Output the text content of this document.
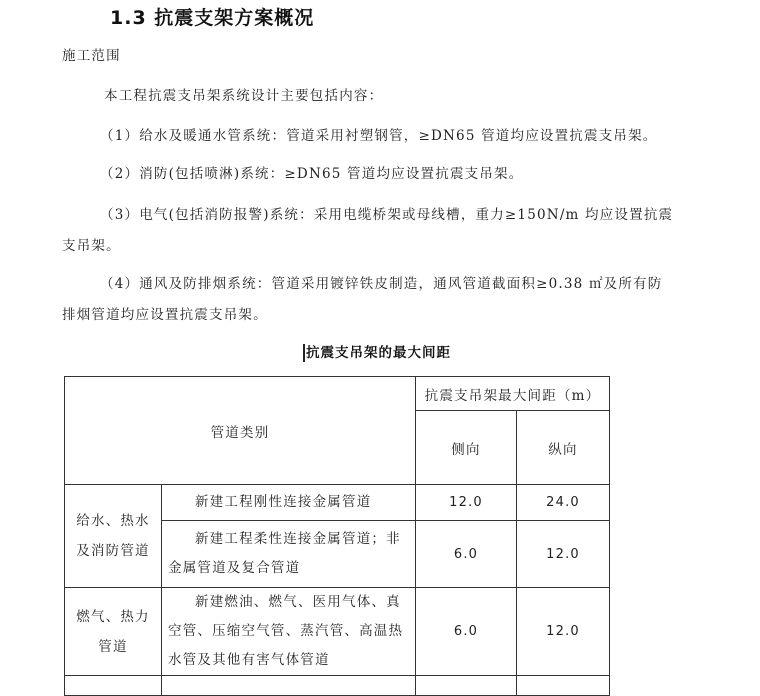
1.3 抗震支架方案概况
施工范围
本工程抗震支吊架系统设计主要包括内容：
（1）给水及暖通水管系统：管道采用衬塑钢管，≥DN65 管道均应设置抗震支吊架。
（2）消防(包括喷淋)系统：≥DN65 管道均应设置抗震支吊架。
（3）电气(包括消防报警)系统：采用电缆桥架或母线槽，重力≥150N/m 均应设置抗震
支吊架。
（4）通风及防排烟系统：管道采用镀锌铁皮制造，通风管道截面积≥0.38 ㎡及所有防
排烟管道均应设置抗震支吊架。
抗震支吊架的最大间距
管道类别		抗震支吊架最大间距（m）	
		侧向	纵向
给水、热水及消防管道	新建工程刚性连接金属管道	12.0	24.0
	新建工程柔性连接金属管道；非金属管道及复合管道	6.0	12.0
燃气、热力管道	新建燃油、燃气、医用气体、真空管、压缩空气管、蒸汽管、高温热水管及其他有害气体管道	6.0	12.0
